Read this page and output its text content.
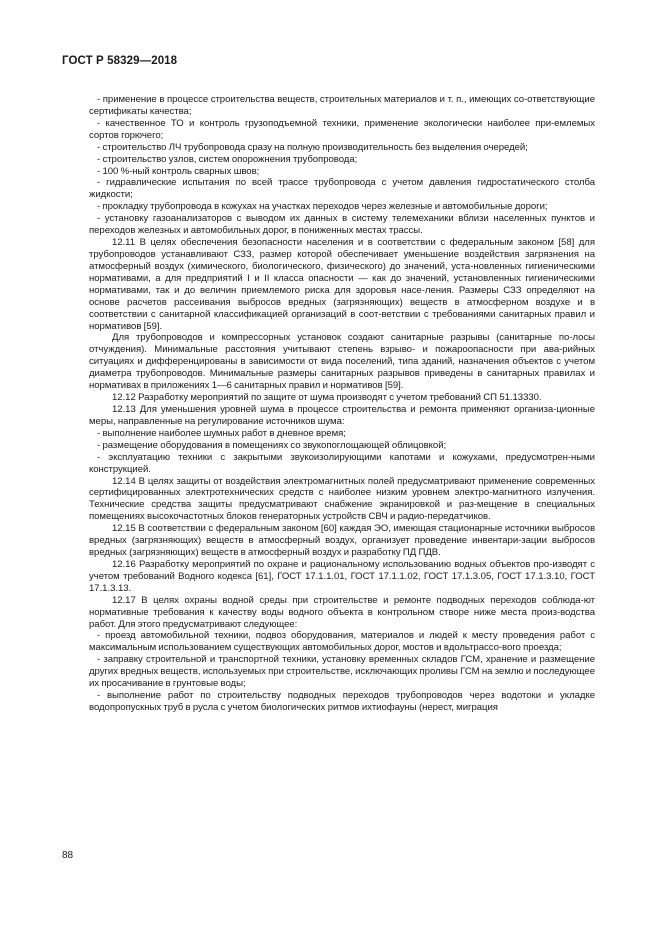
ГОСТ Р 58329—2018

- применение в процессе строительства веществ, строительных материалов и т. п., имеющих со-ответствующие сертификаты качества;

- качественное ТО и контроль грузоподъемной техники, применение экологически наиболее при-емлемых сортов горючего;

- строительство ЛЧ трубопровода сразу на полную производительность без выделения очередей;

- строительство узлов, систем опорожнения трубопровода;

- 100 %-ный контроль сварных швов;

- гидравлические испытания по всей трассе трубопровода с учетом давления гидростатического столба жидкости;

- прокладку трубопровода в кожухах на участках переходов через железные и автомобильные дороги;

- установку газоанализаторов с выводом их данных в систему телемеханики вблизи населенных пунктов и переходов железных и автомобильных дорог, в пониженных местах трассы.

12.11 В целях обеспечения безопасности населения и в соответствии с федеральным законом [58] для трубопроводов устанавливают СЗЗ, размер которой обеспечивает уменьшение воздействия загрязнения на атмосферный воздух (химического, биологического, физического) до значений, уста-новленных гигиеническими нормативами, а для предприятий I и II класса опасности — как до значений, установленных гигиеническими нормативами, так и до величин приемлемого риска для здоровья насе-ления. Размеры СЗЗ определяют на основе расчетов рассеивания выбросов вредных (загрязняющих) веществ в атмосферном воздухе и в соответствии с санитарной классификацией организаций в соот-ветствии с требованиями санитарных правил и нормативов [59].

Для трубопроводов и компрессорных установок создают санитарные разрывы (санитарные по-лосы отчуждения). Минимальные расстояния учитывают степень взрыво- и пожароопасности при ава-рийных ситуациях и дифференцированы в зависимости от вида поселений, типа зданий, назначения объектов с учетом диаметра трубопроводов. Минимальные размеры санитарных разрывов приведены в санитарных правилах и нормативах в приложениях 1—6 санитарных правил и нормативов [59].

12.12 Разработку мероприятий по защите от шума производят с учетом требований СП 51.13330.

12.13 Для уменьшения уровней шума в процессе строительства и ремонта применяют организа-ционные меры, направленные на регулирование источников шума:

- выполнение наиболее шумных работ в дневное время;

- размещение оборудования в помещениях со звукопоглощающей облицовкой;

- эксплуатацию техники с закрытыми звукоизолирующими капотами и кожухами, предусмотрен-ными конструкцией.

12.14 В целях защиты от воздействия электромагнитных полей предусматривают применение современных сертифицированных электротехнических средств с наиболее низким уровнем электро-магнитного излучения. Технические средства защиты предусматривают снабжение экранировкой и раз-мещение в специальных помещениях высокочастотных блоков генераторных устройств СВЧ и радио-передатчиков.

12.15 В соответствии с федеральным законом [60] каждая ЭО, имеющая стационарные источники выбросов вредных (загрязняющих) веществ в атмосферный воздух, организует проведение инвентари-зации выбросов вредных (загрязняющих) веществ в атмосферный воздух и разработку ПД ПДВ.

12.16 Разработку мероприятий по охране и рациональному использованию водных объектов про-изводят с учетом требований Водного кодекса [61], ГОСТ 17.1.1.01, ГОСТ 17.1.1.02, ГОСТ 17.1.3.05, ГОСТ 17.1.3.10, ГОСТ 17.1.3.13.

12.17 В целях охраны водной среды при строительстве и ремонте подводных переходов соблюда-ют нормативные требования к качеству воды водного объекта в контрольном створе ниже места произ-водства работ. Для этого предусматривают следующее:

- проезд автомобильной техники, подвоз оборудования, материалов и людей к месту проведения работ с максимальным использованием существующих автомобильных дорог, мостов и вдольтрассо-вого проезда;

- заправку строительной и транспортной техники, установку временных складов ГСМ, хранение и размещение других вредных веществ, используемых при строительстве, исключающих проливы ГСМ на землю и последующее их просачивание в грунтовые воды;

- выполнение работ по строительству подводных переходов трубопроводов через водотоки и укладке водопропускных труб в русла с учетом биологических ритмов ихтиофауны (нерест, миграция

88
